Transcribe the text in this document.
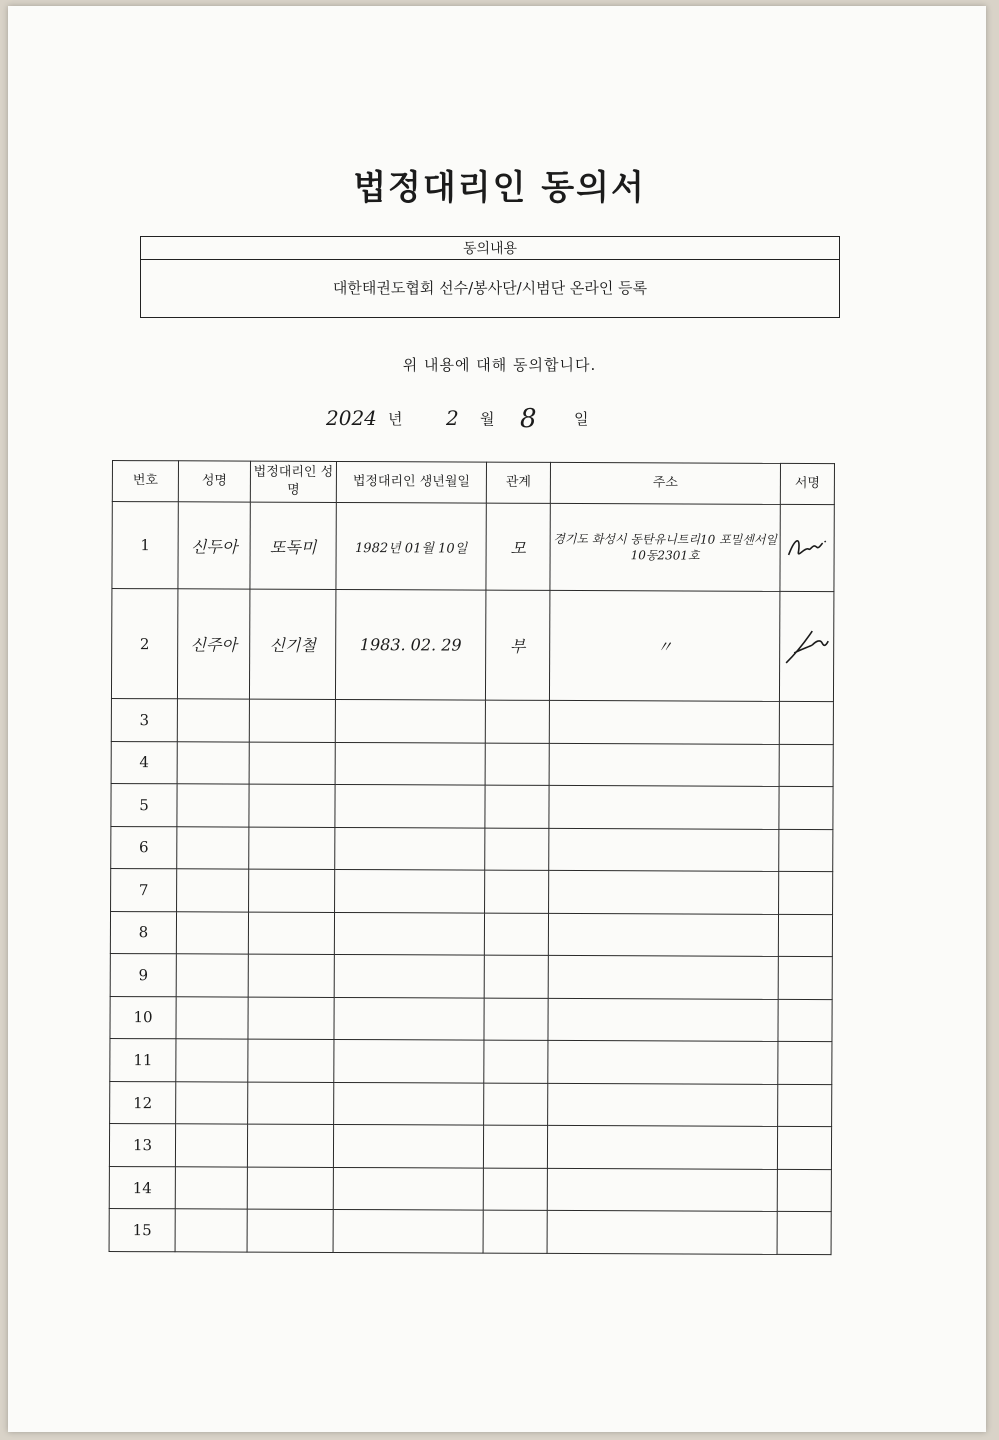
법정대리인 동의서
동의내용
대한태권도협회 선수/봉사단/시범단 온라인 등록
위 내용에 대해 동의합니다.
2024 년 2 월 8 일
번호	성명	법정대리인 성명	법정대리인 생년월일	관계	주소	서명
1	신두아	또독미	1982년 01월 10일	모	경기도 화성시 동탄유니트리10 포밀센서일 10동2301호	
2	신주아	신기철	1983. 02. 29	부	〃	
3						
4						
5						
6						
7						
8						
9						
10						
11						
12						
13						
14						
15						
